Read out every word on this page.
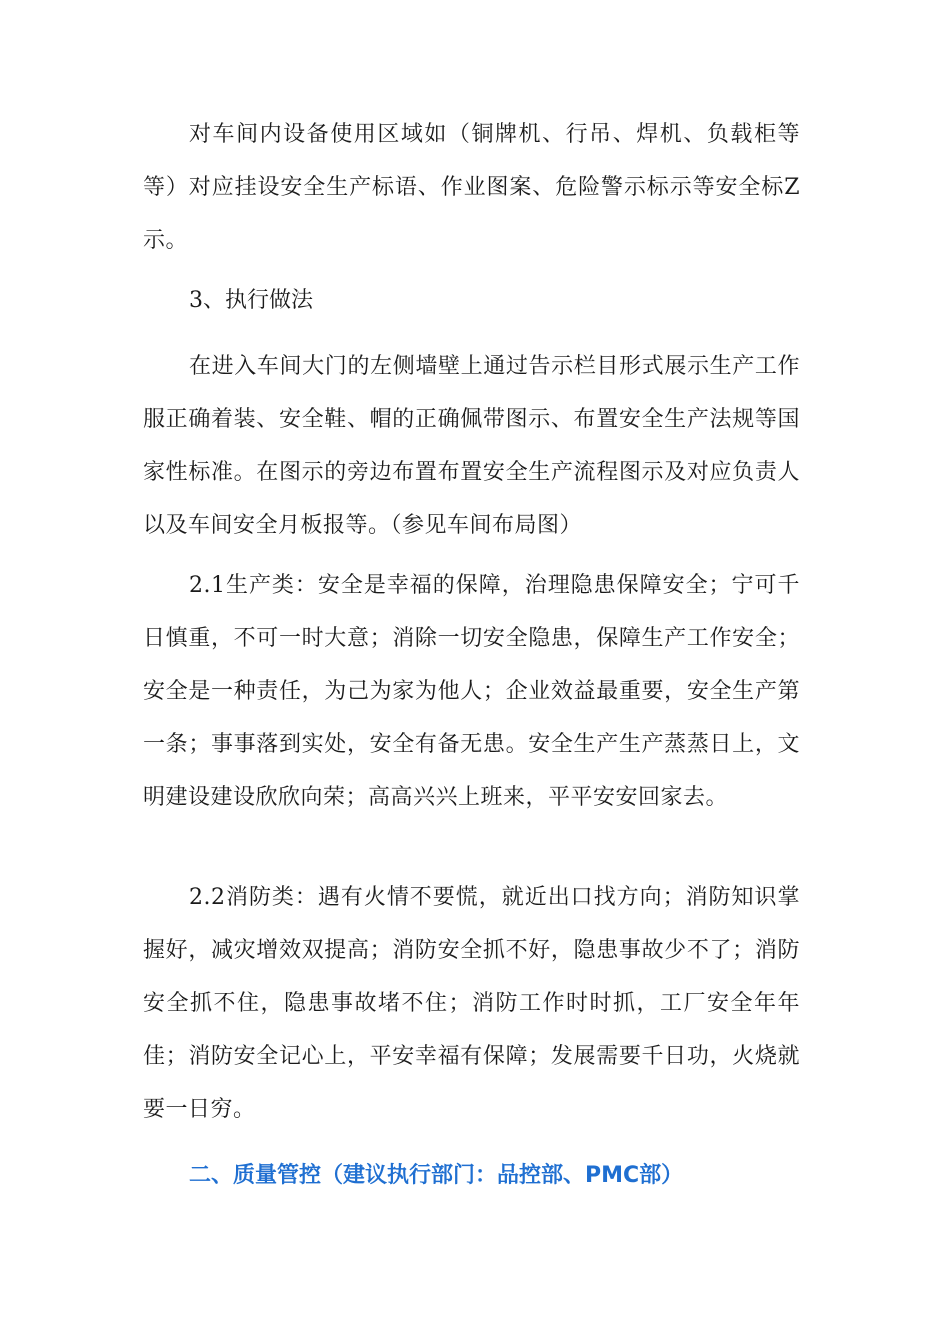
对车间内设备使用区域如（铜牌机、行吊、焊机、负载柜等等）对应挂设安全生产标语、作业图案、危险警示标示等安全标Z示。

3、执行做法

在进入车间大门的左侧墙壁上通过告示栏目形式展示生产工作服正确着装、安全鞋、帽的正确佩带图示、布置安全生产法规等国家性标准。在图示的旁边布置布置安全生产流程图示及对应负责人以及车间安全月板报等。（参见车间布局图）

2.1生产类：安全是幸福的保障，治理隐患保障安全；宁可千日慎重，不可一时大意；消除一切安全隐患，保障生产工作安全；安全是一种责任，为己为家为他人；企业效益最重要，安全生产第一条；事事落到实处，安全有备无患。安全生产生产蒸蒸日上，文明建设建设欣欣向荣；高高兴兴上班来，平平安安回家去。

2.2消防类：遇有火情不要慌，就近出口找方向；消防知识掌握好，减灾增效双提高；消防安全抓不好，隐患事故少不了；消防安全抓不住，隐患事故堵不住；消防工作时时抓，工厂安全年年佳；消防安全记心上，平安幸福有保障；发展需要千日功，火烧就要一日穷。

二、质量管控（建议执行部门：品控部、PMC部）
